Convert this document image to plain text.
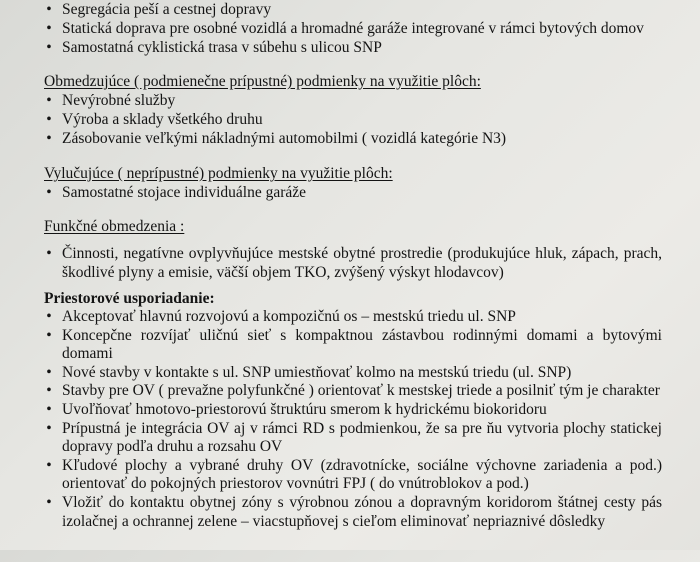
• Segregácia peší a cestnej dopravy
• Statická doprava pre osobné vozidlá a hromadné garáže integrované v rámci bytových domov
• Samostatná cyklistická trasa v súbehu s ulicou SNP
Obmedzujúce ( podmienečne prípustné) podmienky na využitie plôch:
• Nevýrobné služby
• Výroba a sklady všetkého druhu
• Zásobovanie veľkými nákladnými automobilmi ( vozidlá kategórie N3)
Vylučujúce ( neprípustné) podmienky na využitie plôch:
• Samostatné stojace individuálne garáže
Funkčné obmedzenia :
• Činnosti, negatívne ovplyvňujúce mestské obytné prostredie (produkujúce hluk, zápach, prach, škodlivé plyny a emisie, väčší objem TKO, zvýšený výskyt hlodavcov)
Priestorové usporiadanie:
• Akceptovať hlavnú rozvojovú a kompozičnú os – mestskú triedu ul. SNP
• Koncepčne rozvíjať uličnú sieť s kompaktnou zástavbou rodinnými domami a bytovými domami
• Nové stavby v kontakte s ul. SNP umiestňovať kolmo na mestskú triedu (ul. SNP)
• Stavby pre OV ( prevažne polyfunkčné ) orientovať k mestskej triede a posilniť tým je charakter
• Uvoľňovať hmotovo-priestorovú štruktúru smerom k hydrickému biokoridoru
• Prípustná je integrácia OV aj v rámci RD s podmienkou, že sa pre ňu vytvoria plochy statickej dopravy podľa druhu a rozsahu OV
• Kľudové plochy a vybrané druhy OV (zdravotnícke, sociálne výchovne zariadenia a pod.) orientovať do pokojných priestorov vovnútri FPJ ( do vnútroblokov a pod.)
• Vložiť do kontaktu obytnej zóny s výrobnou zónou a dopravným koridorom štátnej cesty pás izolačnej a ochrannej zelene – viacstupňovej s cieľom eliminovať nepriaznivé dôsledky
